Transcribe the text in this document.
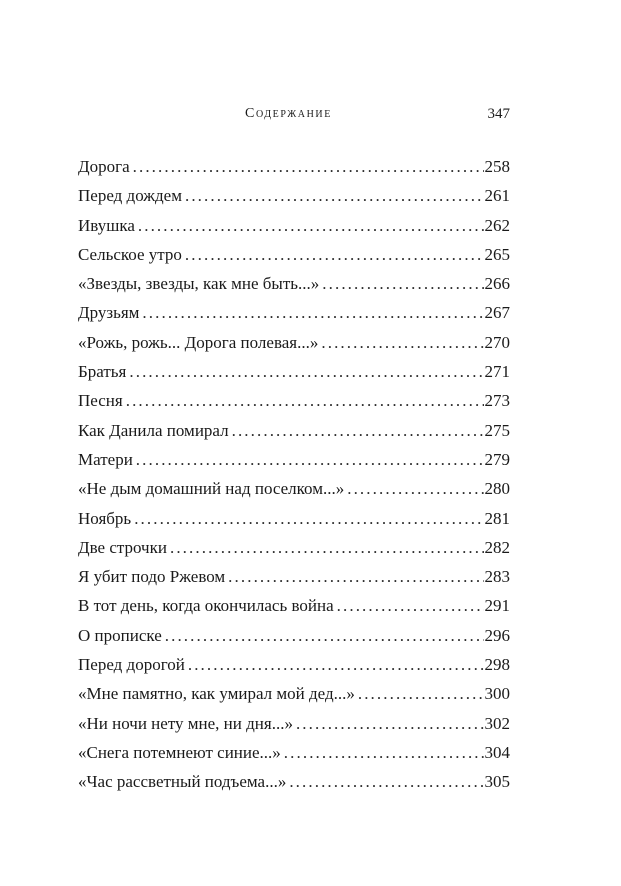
Содержание	347
Дорога .....	258
Перед дождем .....	261
Ивушка .....	262
Сельское утро .....	265
«Звезды, звезды, как мне быть...» .....	266
Друзьям .....	267
«Рожь, рожь... Дорога полевая...» .....	270
Братья .....	271
Песня .....	273
Как Данила помирал .....	275
Матери .....	279
«Не дым домашний над поселком...» .....	280
Ноябрь .....	281
Две строчки .....	282
Я убит подо Ржевом .....	283
В тот день, когда окончилась война .....	291
О прописке .....	296
Перед дорогой .....	298
«Мне памятно, как умирал мой дед...» .....	300
«Ни ночи нету мне, ни дня...» .....	302
«Снега потемнеют синие...» .....	304
«Час рассветный подъема...» .....	305
